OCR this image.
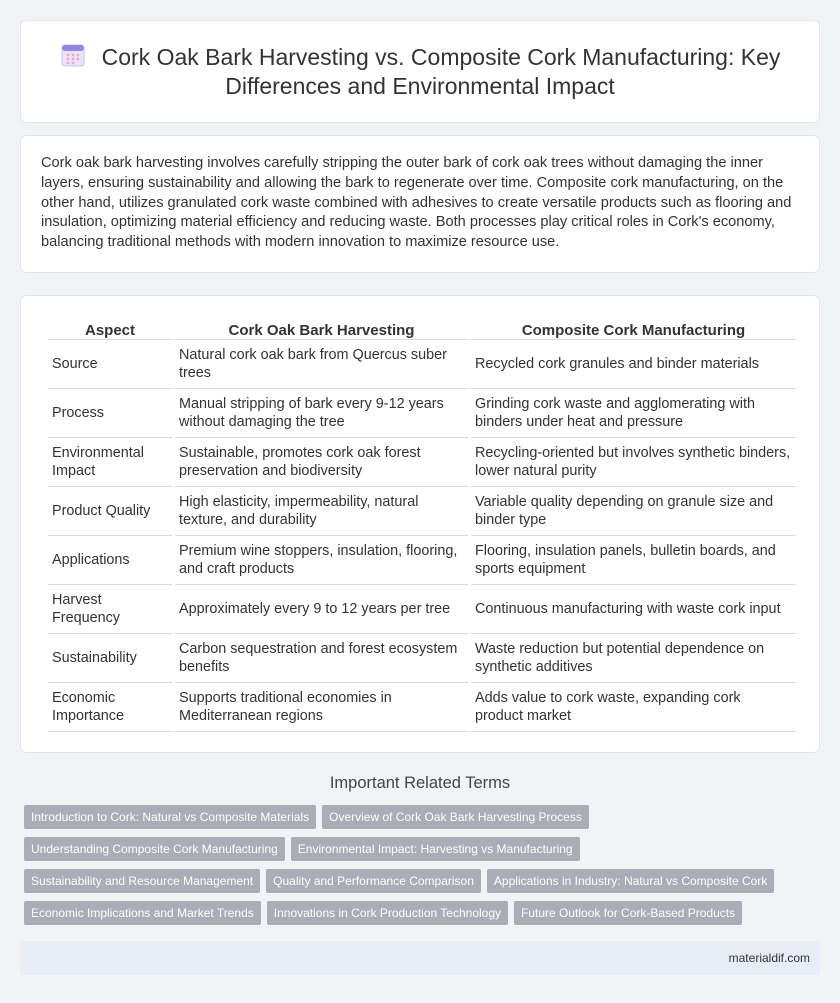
Cork Oak Bark Harvesting vs. Composite Cork Manufacturing: Key Differences and Environmental Impact

Cork oak bark harvesting involves carefully stripping the outer bark of cork oak trees without damaging the inner layers, ensuring sustainability and allowing the bark to regenerate over time. Composite cork manufacturing, on the other hand, utilizes granulated cork waste combined with adhesives to create versatile products such as flooring and insulation, optimizing material efficiency and reducing waste. Both processes play critical roles in Cork's economy, balancing traditional methods with modern innovation to maximize resource use.

Aspect	Cork Oak Bark Harvesting	Composite Cork Manufacturing
Source	Natural cork oak bark from Quercus suber trees	Recycled cork granules and binder materials
Process	Manual stripping of bark every 9-12 years without damaging the tree	Grinding cork waste and agglomerating with binders under heat and pressure
Environmental Impact	Sustainable, promotes cork oak forest preservation and biodiversity	Recycling-oriented but involves synthetic binders, lower natural purity
Product Quality	High elasticity, impermeability, natural texture, and durability	Variable quality depending on granule size and binder type
Applications	Premium wine stoppers, insulation, flooring, and craft products	Flooring, insulation panels, bulletin boards, and sports equipment
Harvest Frequency	Approximately every 9 to 12 years per tree	Continuous manufacturing with waste cork input
Sustainability	Carbon sequestration and forest ecosystem benefits	Waste reduction but potential dependence on synthetic additives
Economic Importance	Supports traditional economies in Mediterranean regions	Adds value to cork waste, expanding cork product market
Important Related Terms
Introduction to Cork: Natural vs Composite Materials	Overview of Cork Oak Bark Harvesting Process
Understanding Composite Cork Manufacturing	Environmental Impact: Harvesting vs Manufacturing
Sustainability and Resource Management	Quality and Performance Comparison	Applications in Industry: Natural vs Composite Cork
Economic Implications and Market Trends	Innovations in Cork Production Technology	Future Outlook for Cork-Based Products
materialdif.com
